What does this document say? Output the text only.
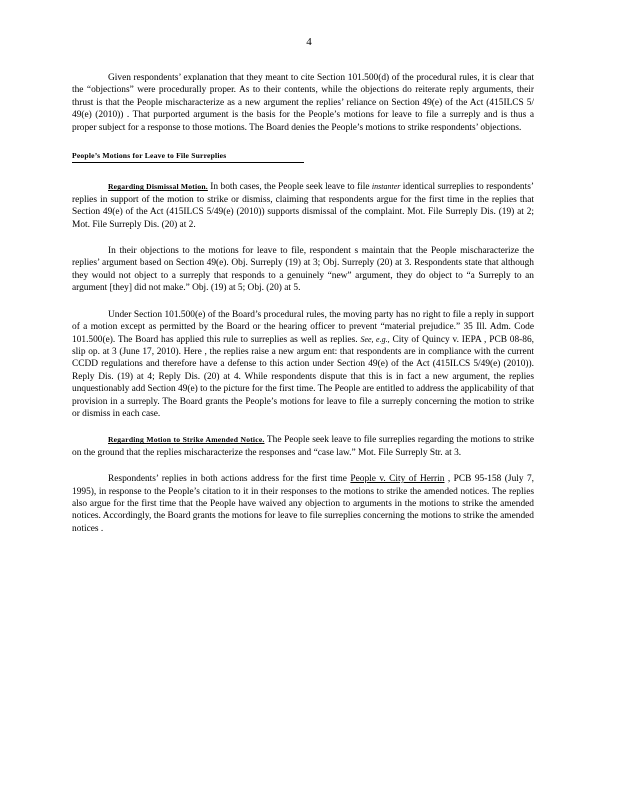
4

Given respondents’ explanation that they meant to cite Section 101.500(d) of the procedural rules, it is clear that the “objections” were procedurally proper. As to their contents, while the objections do reiterate reply arguments, their thrust is that the People mischaracterize as a new argument the replies’ reliance on Section 49(e) of the Act (415ILCS 5/ 49(e) (2010)) . That purported argument is the basis for the People’s motions for leave to file a surreply and is thus a proper subject for a response to those motions. The Board denies the People’s motions to strike respondents’ objections.

People’s Motions for Leave to File Surreplies

Regarding Dismissal Motion. In both cases, the People seek leave to file instanter identical surreplies to respondents’ replies in support of the motion to strike or dismiss, claiming that respondents argue for the first time in the replies that Section 49(e) of the Act (415ILCS 5/49(e) (2010)) supports dismissal of the complaint. Mot. File Surreply Dis. (19) at 2; Mot. File Surreply Dis. (20) at 2.

In their objections to the motions for leave to file, respondent s maintain that the People mischaracterize the replies’ argument based on Section 49(e). Obj. Surreply (19) at 3; Obj. Surreply (20) at 3. Respondents state that although they would not object to a surreply that responds to a genuinely “new” argument, they do object to “a Surreply to an argument [they] did not make.” Obj. (19) at 5; Obj. (20) at 5.

Under Section 101.500(e) of the Board’s procedural rules, the moving party has no right to file a reply in support of a motion except as permitted by the Board or the hearing officer to prevent “material prejudice.” 35 Ill. Adm. Code 101.500(e). The Board has applied this rule to surreplies as well as replies. See, e.g., City of Quincy v. IEPA , PCB 08-86, slip op. at 3 (June 17, 2010). Here , the replies raise a new argum ent: that respondents are in compliance with the current CCDD regulations and therefore have a defense to this action under Section 49(e) of the Act (415ILCS 5/49(e) (2010)). Reply Dis. (19) at 4; Reply Dis. (20) at 4. While respondents dispute that this is in fact a new argument, the replies unquestionably add Section 49(e) to the picture for the first time. The People are entitled to address the applicability of that provision in a surreply. The Board grants the People’s motions for leave to file a surreply concerning the motion to strike or dismiss in each case.

Regarding Motion to Strike Amended Notice. The People seek leave to file surreplies regarding the motions to strike on the ground that the replies mischaracterize the responses and “case law.” Mot. File Surreply Str. at 3.

Respondents’ replies in both actions address for the first time People v. City of Herrin , PCB 95-158 (July 7, 1995), in response to the People’s citation to it in their responses to the motions to strike the amended notices. The replies also argue for the first time that the People have waived any objection to arguments in the motions to strike the amended notices. Accordingly, the Board grants the motions for leave to file surreplies concerning the motions to strike the amended notices .
